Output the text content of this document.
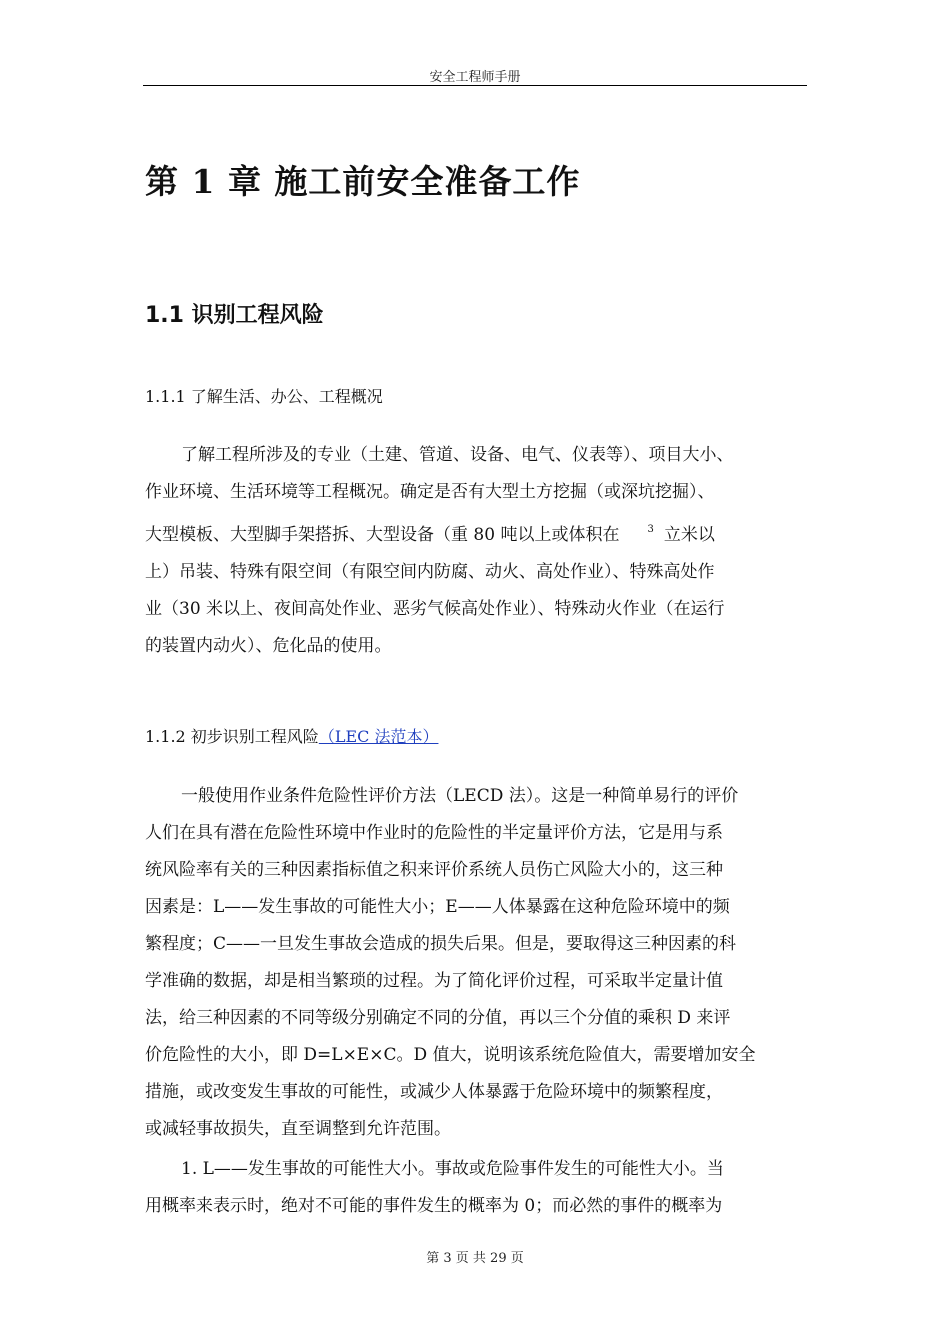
安全工程师手册
第 1 章 施工前安全准备工作
1.1 识别工程风险
1.1.1 了解生活、办公、工程概况
了解工程所涉及的专业（土建、管道、设备、电气、仪表等）、项目大小、
作业环境、生活环境等工程概况。确定是否有大型土方挖掘（或深坑挖掘）、
大型模板、大型脚手架搭拆、大型设备（重 80 吨以上或体积在	$^3$ 立米以
上）吊装、特殊有限空间（有限空间内防腐、动火、高处作业）、特殊高处作
业（30 米以上、夜间高处作业、恶劣气候高处作业）、特殊动火作业（在运行
的装置内动火）、危化品的使用。
1.1.2 初步识别工程风险（LEC 法范本）
一般使用作业条件危险性评价方法（LECD 法）。这是一种简单易行的评价
人们在具有潜在危险性环境中作业时的危险性的半定量评价方法，它是用与系
统风险率有关的三种因素指标值之积来评价系统人员伤亡风险大小的，这三种
因素是：L——发生事故的可能性大小；E——人体暴露在这种危险环境中的频
繁程度；C——一旦发生事故会造成的损失后果。但是，要取得这三种因素的科
学准确的数据，却是相当繁琐的过程。为了简化评价过程，可采取半定量计值
法，给三种因素的不同等级分别确定不同的分值，再以三个分值的乘积 D 来评
价危险性的大小，即 D=L×E×C。D 值大，说明该系统危险值大，需要增加安全
措施，或改变发生事故的可能性，或减少人体暴露于危险环境中的频繁程度，
或减轻事故损失，直至调整到允许范围。
1. L——发生事故的可能性大小。事故或危险事件发生的可能性大小。当
用概率来表示时，绝对不可能的事件发生的概率为 0；而必然的事件的概率为
第 3 页 共 29 页
